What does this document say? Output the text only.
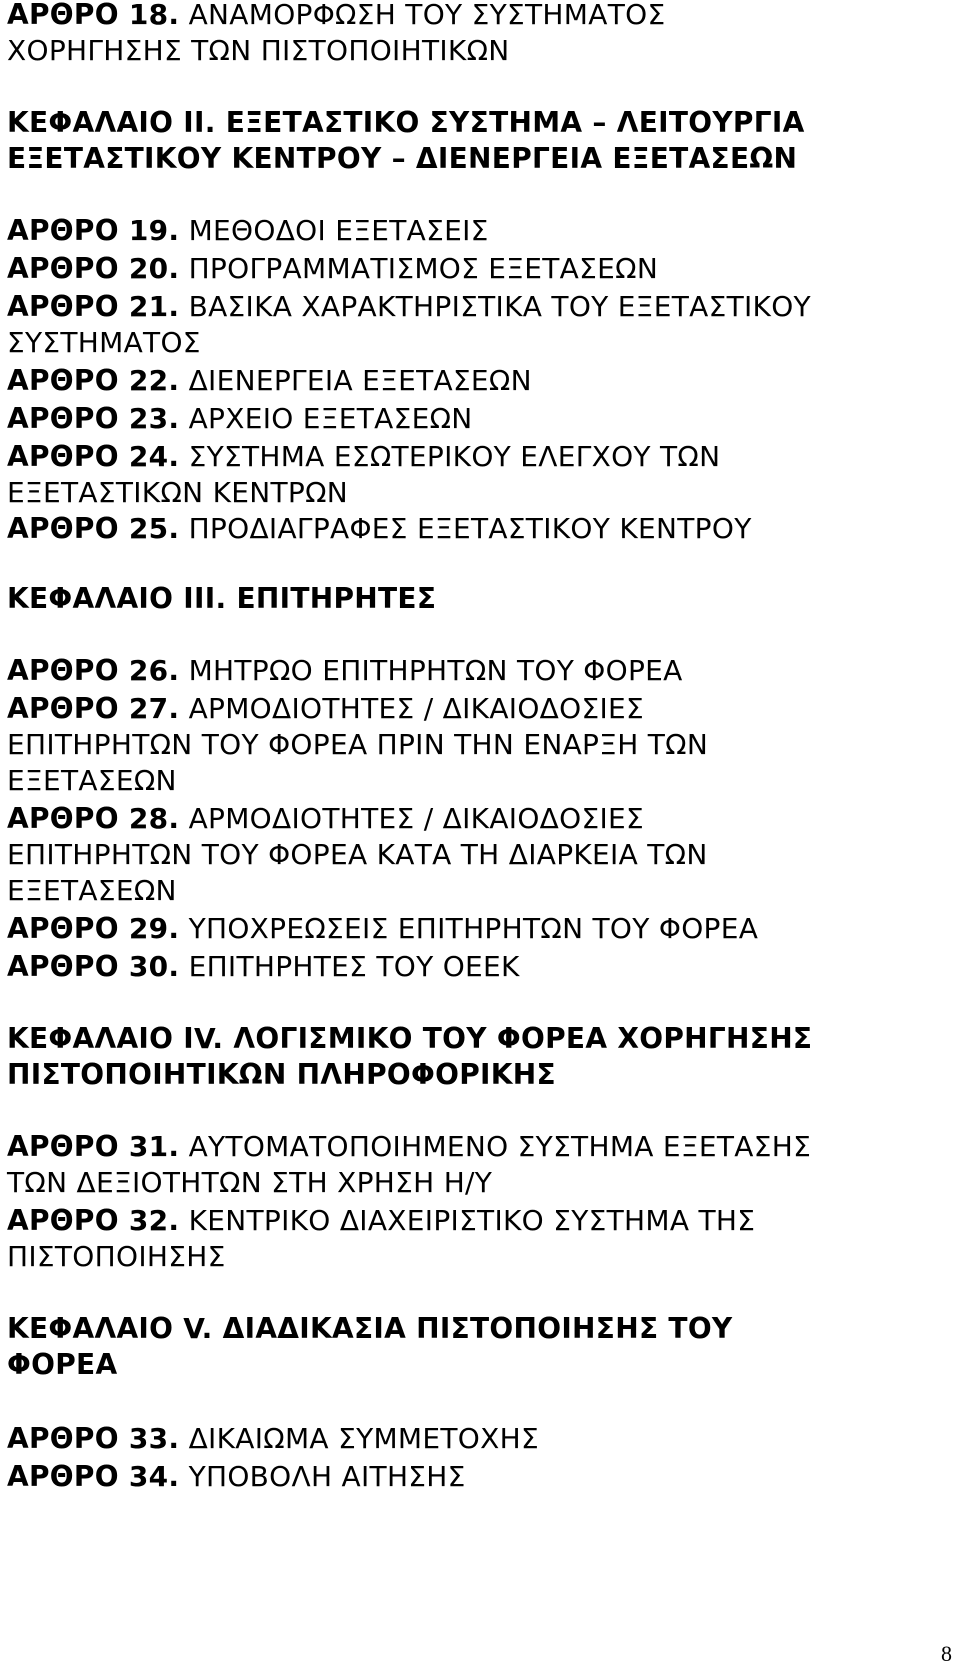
ΑΡΘΡΟ 18. ΑΝΑΜΟΡΦΩΣΗ ΤΟΥ ΣΥΣΤΗΜΑΤΟΣ
ΧΟΡΗΓΗΣΗΣ ΤΩΝ ΠΙΣΤΟΠΟΙΗΤΙΚΩΝ
ΚΕΦΑΛΑΙΟ ΙΙ. ΕΞΕΤΑΣΤΙΚΟ ΣΥΣΤΗΜΑ – ΛΕΙΤΟΥΡΓΙΑ
ΕΞΕΤΑΣΤΙΚΟΥ ΚΕΝΤΡΟΥ – ΔΙΕΝΕΡΓΕΙΑ ΕΞΕΤΑΣΕΩΝ
ΑΡΘΡΟ 19. ΜΕΘΟΔΟΙ ΕΞΕΤΑΣΕΙΣ
ΑΡΘΡΟ 20. ΠΡΟΓΡΑΜΜΑΤΙΣΜΟΣ ΕΞΕΤΑΣΕΩΝ
ΑΡΘΡΟ 21. ΒΑΣΙΚΑ ΧΑΡΑΚΤΗΡΙΣΤΙΚΑ ΤΟΥ ΕΞΕΤΑΣΤΙΚΟΥ
ΣΥΣΤΗΜΑΤΟΣ
ΑΡΘΡΟ 22. ΔΙΕΝΕΡΓΕΙΑ ΕΞΕΤΑΣΕΩΝ
ΑΡΘΡΟ 23. ΑΡΧΕΙΟ ΕΞΕΤΑΣΕΩΝ
ΑΡΘΡΟ 24. ΣΥΣΤΗΜΑ ΕΣΩΤΕΡΙΚΟΥ ΕΛΕΓΧΟΥ ΤΩΝ
ΕΞΕΤΑΣΤΙΚΩΝ ΚΕΝΤΡΩΝ
ΑΡΘΡΟ 25. ΠΡΟΔΙΑΓΡΑΦΕΣ ΕΞΕΤΑΣΤΙΚΟΥ ΚΕΝΤΡΟΥ
ΚΕΦΑΛΑΙΟ ΙΙΙ. ΕΠΙΤΗΡΗΤΕΣ
ΑΡΘΡΟ 26. ΜΗΤΡΩΟ ΕΠΙΤΗΡΗΤΩΝ ΤΟΥ ΦΟΡΕΑ
ΑΡΘΡΟ 27. ΑΡΜΟΔΙΟΤΗΤΕΣ / ΔΙΚΑΙΟΔΟΣΙΕΣ
ΕΠΙΤΗΡΗΤΩΝ ΤΟΥ ΦΟΡΕΑ ΠΡΙΝ ΤΗΝ ΕΝΑΡΞΗ ΤΩΝ
ΕΞΕΤΑΣΕΩΝ
ΑΡΘΡΟ 28. ΑΡΜΟΔΙΟΤΗΤΕΣ / ΔΙΚΑΙΟΔΟΣΙΕΣ
ΕΠΙΤΗΡΗΤΩΝ ΤΟΥ ΦΟΡΕΑ ΚΑΤΑ ΤΗ ΔΙΑΡΚΕΙΑ ΤΩΝ
ΕΞΕΤΑΣΕΩΝ
ΑΡΘΡΟ 29. ΥΠΟΧΡΕΩΣΕΙΣ ΕΠΙΤΗΡΗΤΩΝ ΤΟΥ ΦΟΡΕΑ
ΑΡΘΡΟ 30. ΕΠΙΤΗΡΗΤΕΣ ΤΟΥ ΟΕΕΚ
ΚΕΦΑΛΑΙΟ ΙV. ΛΟΓΙΣΜΙΚΟ ΤΟΥ ΦΟΡΕΑ ΧΟΡΗΓΗΣΗΣ
ΠΙΣΤΟΠΟΙΗΤΙΚΩΝ ΠΛΗΡΟΦΟΡΙΚΗΣ
ΑΡΘΡΟ 31. ΑΥΤΟΜΑΤΟΠΟΙΗΜΕΝΟ ΣΥΣΤΗΜΑ ΕΞΕΤΑΣΗΣ
ΤΩΝ ΔΕΞΙΟΤΗΤΩΝ ΣΤΗ ΧΡΗΣΗ Η/Υ
ΑΡΘΡΟ 32. ΚΕΝΤΡΙΚΟ ΔΙΑΧΕΙΡΙΣΤΙΚΟ ΣΥΣΤΗΜΑ ΤΗΣ
ΠΙΣΤΟΠΟΙΗΣΗΣ
ΚΕΦΑΛΑΙΟ V. ΔΙΑΔΙΚΑΣΙΑ ΠΙΣΤΟΠΟΙΗΣΗΣ ΤΟΥ
ΦΟΡΕΑ
ΑΡΘΡΟ 33. ΔΙΚΑΙΩΜΑ ΣΥΜΜΕΤΟΧΗΣ
ΑΡΘΡΟ 34. ΥΠΟΒΟΛΗ ΑΙΤΗΣΗΣ
8
